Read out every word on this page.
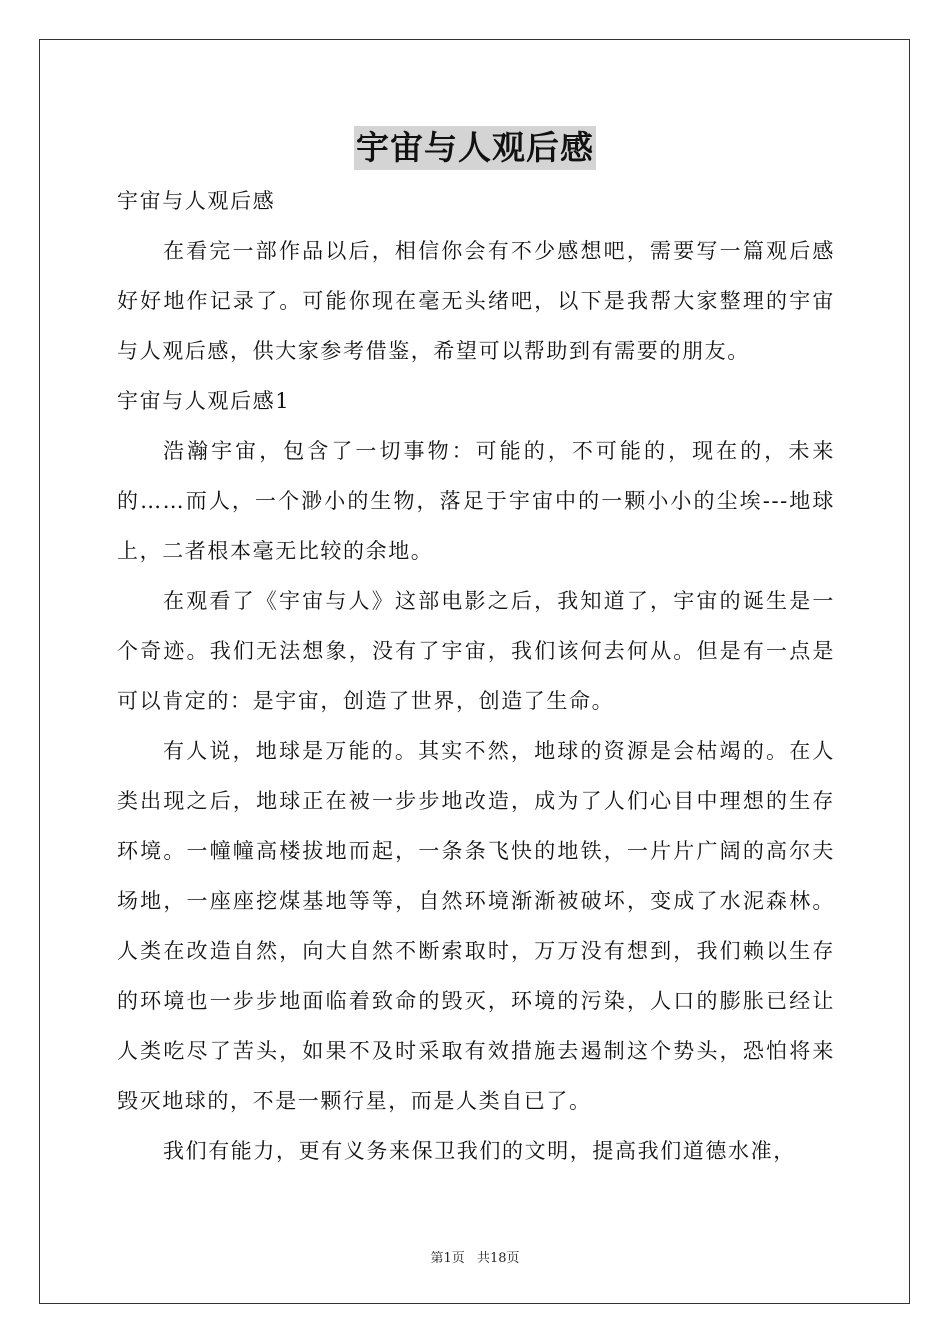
宇宙与人观后感

宇宙与人观后感

在看完一部作品以后，相信你会有不少感想吧，需要写一篇观后感好好地作记录了。可能你现在毫无头绪吧，以下是我帮大家整理的宇宙与人观后感，供大家参考借鉴，希望可以帮助到有需要的朋友。

宇宙与人观后感1

浩瀚宇宙，包含了一切事物：可能的，不可能的，现在的，未来的……而人，一个渺小的生物，落足于宇宙中的一颗小小的尘埃---地球上，二者根本毫无比较的余地。

在观看了《宇宙与人》这部电影之后，我知道了，宇宙的诞生是一个奇迹。我们无法想象，没有了宇宙，我们该何去何从。但是有一点是可以肯定的：是宇宙，创造了世界，创造了生命。

有人说，地球是万能的。其实不然，地球的资源是会枯竭的。在人类出现之后，地球正在被一步步地改造，成为了人们心目中理想的生存环境。一幢幢高楼拔地而起，一条条飞快的地铁，一片片广阔的高尔夫场地，一座座挖煤基地等等，自然环境渐渐被破坏，变成了水泥森林。人类在改造自然，向大自然不断索取时，万万没有想到，我们赖以生存的环境也一步步地面临着致命的毁灭，环境的污染，人口的膨胀已经让人类吃尽了苦头，如果不及时采取有效措施去遏制这个势头，恐怕将来毁灭地球的，不是一颗行星，而是人类自已了。

我们有能力，更有义务来保卫我们的文明，提高我们道德水准，

第1页 共18页
